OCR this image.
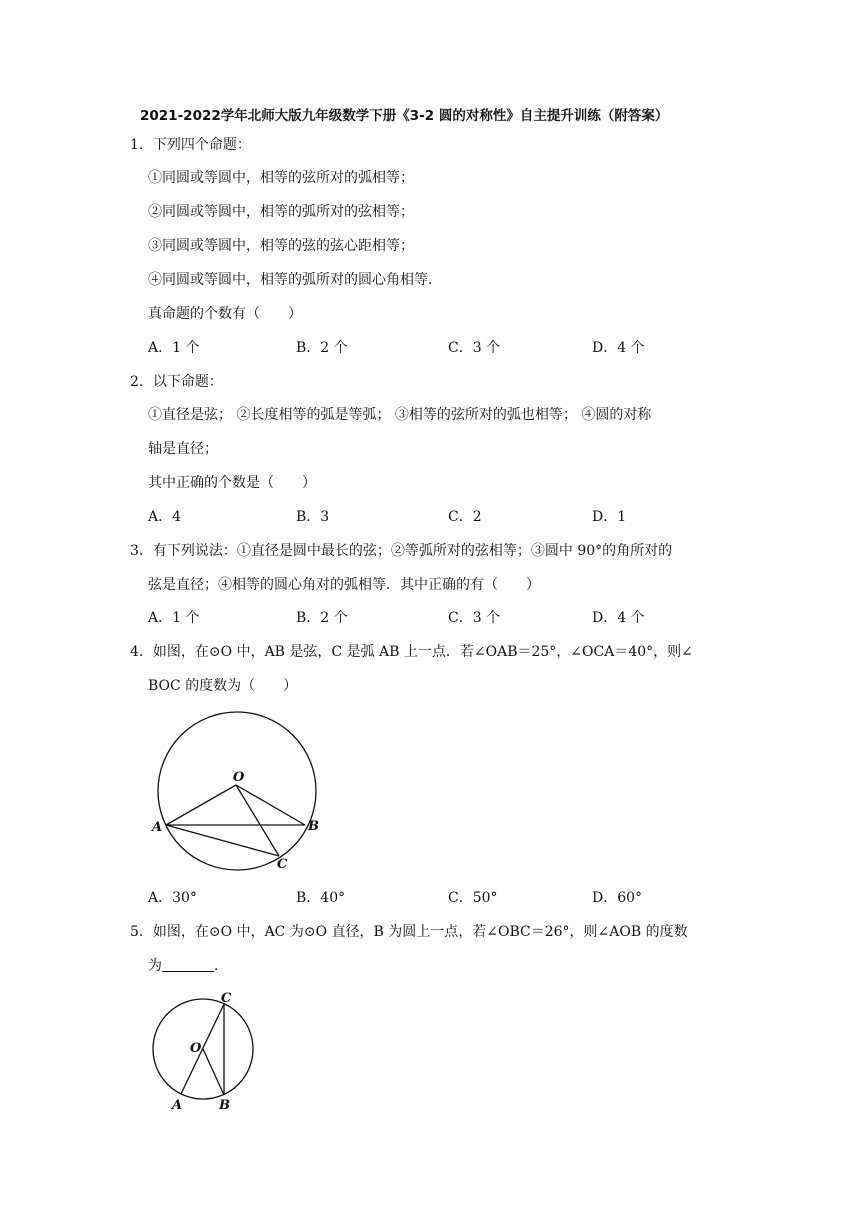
2021-2022学年北师大版九年级数学下册《3-2 圆的对称性》自主提升训练（附答案）
1．下列四个命题：
①同圆或等圆中，相等的弦所对的弧相等；
②同圆或等圆中，相等的弧所对的弦相等；
③同圆或等圆中，相等的弦的弦心距相等；
④同圆或等圆中，相等的弧所对的圆心角相等.
真命题的个数有（　　）
A．1 个	B．2 个	C．3 个	D．4 个
2．以下命题：
①直径是弦； ②长度相等的弧是等弧； ③相等的弦所对的弧也相等； ④圆的对称
轴是直径；
其中正确的个数是（　　）
A．4	B．3	C．2	D．1
3．有下列说法：①直径是圆中最长的弦；②等弧所对的弦相等；③圆中 90°的角所对的
弦是直径；④相等的圆心角对的弧相等．其中正确的有（　　）
A．1 个	B．2 个	C．3 个	D．4 个
4．如图，在⊙O 中，AB 是弦，C 是弧 AB 上一点．若∠OAB＝25°，∠OCA＝40°，则∠
BOC 的度数为（　　）
O
A	B
C
A．30°	B．40°	C．50°	D．60°
5．如图，在⊙O 中，AC 为⊙O 直径，B 为圆上一点，若∠OBC＝26°，则∠AOB 的度数
为	．
O
A	B
C
